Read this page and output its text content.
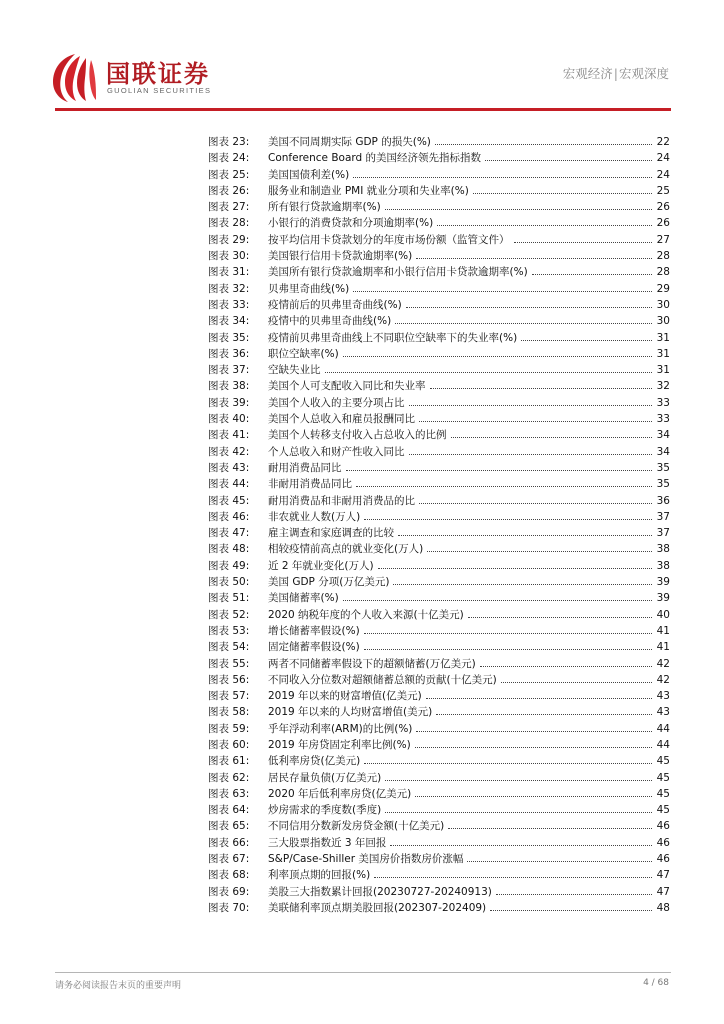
国联证券
GUOLIAN SECURITIES
宏观经济|宏观深度
图表 23:	美国不同周期实际 GDP 的损失(%)	22
图表 24:	Conference Board 的美国经济领先指标指数	24
图表 25:	美国国债利差(%)	24
图表 26:	服务业和制造业 PMI 就业分项和失业率(%)	25
图表 27:	所有银行贷款逾期率(%)	26
图表 28:	小银行的消费贷款和分项逾期率(%)	26
图表 29:	按平均信用卡贷款划分的年度市场份额（监管文件）	27
图表 30:	美国银行信用卡贷款逾期率(%)	28
图表 31:	美国所有银行贷款逾期率和小银行信用卡贷款逾期率(%)	28
图表 32:	贝弗里奇曲线(%)	29
图表 33:	疫情前后的贝弗里奇曲线(%)	30
图表 34:	疫情中的贝弗里奇曲线(%)	30
图表 35:	疫情前贝弗里奇曲线上不同职位空缺率下的失业率(%)	31
图表 36:	职位空缺率(%)	31
图表 37:	空缺失业比	31
图表 38:	美国个人可支配收入同比和失业率	32
图表 39:	美国个人收入的主要分项占比	33
图表 40:	美国个人总收入和雇员报酬同比	33
图表 41:	美国个人转移支付收入占总收入的比例	34
图表 42:	个人总收入和财产性收入同比	34
图表 43:	耐用消费品同比	35
图表 44:	非耐用消费品同比	35
图表 45:	耐用消费品和非耐用消费品的比	36
图表 46:	非农就业人数(万人)	37
图表 47:	雇主调查和家庭调查的比较	37
图表 48:	相较疫情前高点的就业变化(万人)	38
图表 49:	近 2 年就业变化(万人)	38
图表 50:	美国 GDP 分项(万亿美元)	39
图表 51:	美国储蓄率(%)	39
图表 52:	2020 纳税年度的个人收入来源(十亿美元)	40
图表 53:	增长储蓄率假设(%)	41
图表 54:	固定储蓄率假设(%)	41
图表 55:	两者不同储蓄率假设下的超额储蓄(万亿美元)	42
图表 56:	不同收入分位数对超额储蓄总额的贡献(十亿美元)	42
图表 57:	2019 年以来的财富增值(亿美元)	43
图表 58:	2019 年以来的人均财富增值(美元)	43
图表 59:	乎年浮动利率(ARM)的比例(%)	44
图表 60:	2019 年房贷固定利率比例(%)	44
图表 61:	低利率房贷(亿美元)	45
图表 62:	居民存量负债(万亿美元)	45
图表 63:	2020 年后低利率房贷(亿美元)	45
图表 64:	炒房需求的季度数(季度)	45
图表 65:	不同信用分数新发房贷金额(十亿美元)	46
图表 66:	三大股票指数近 3 年回报	46
图表 67:	S&P/Case-Shiller 美国房价指数房价涨幅	46
图表 68:	利率顶点期的回报(%)	47
图表 69:	美股三大指数累计回报(20230727-20240913)	47
图表 70:	美联储利率顶点期美股回报(202307-202409)	48
请务必阅读报告末页的重要声明	4 / 68
